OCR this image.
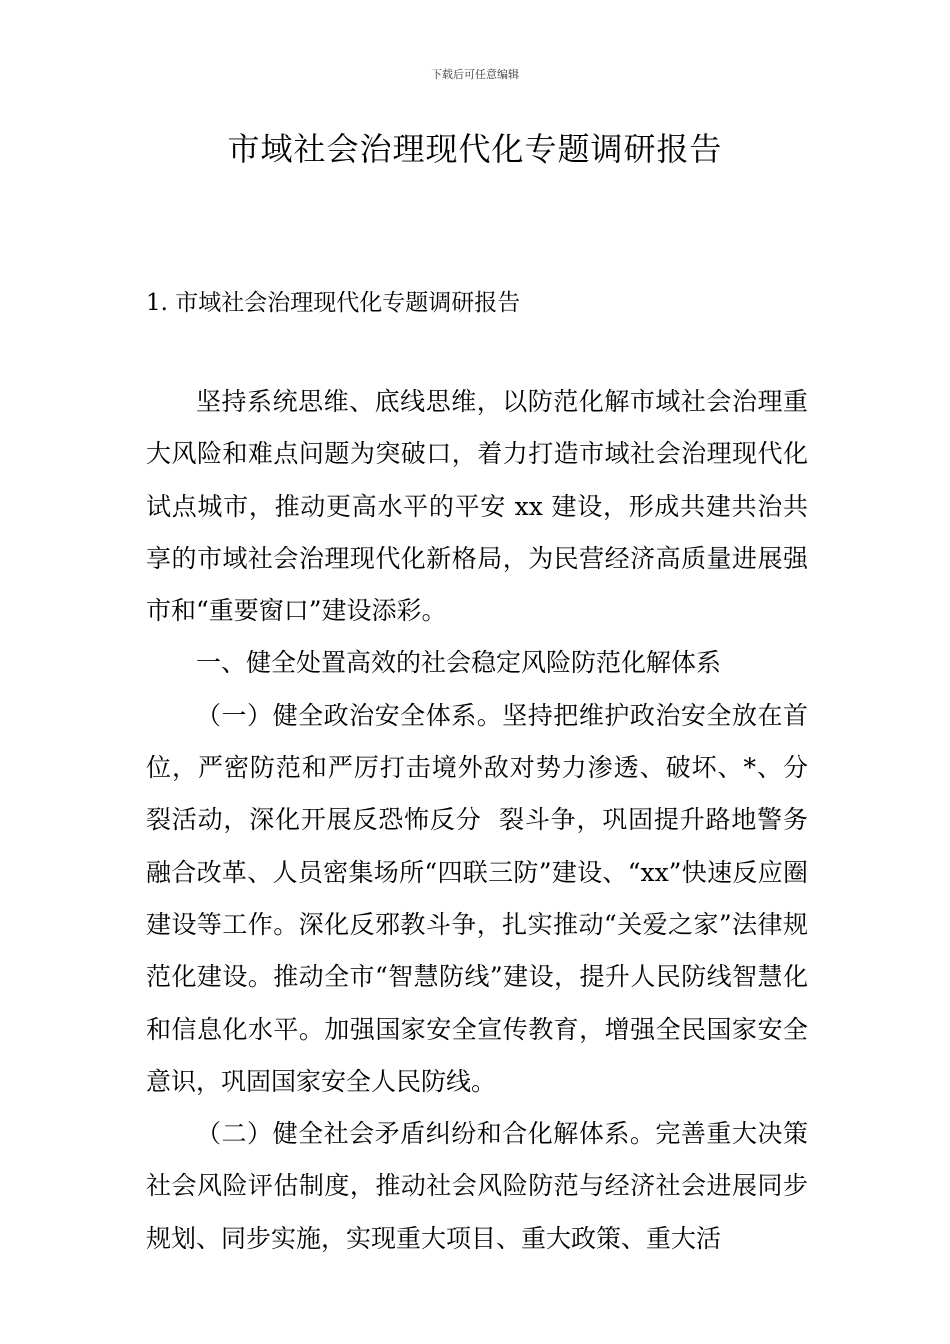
下载后可任意编辑
市域社会治理现代化专题调研报告
1. 市域社会治理现代化专题调研报告

坚持系统思维、底线思维，以防范化解市域社会治理重大风险和难点问题为突破口，着力打造市域社会治理现代化试点城市，推动更高水平的平安 xx 建设，形成共建共治共享的市域社会治理现代化新格局，为民营经济高质量进展强市和“重要窗口”建设添彩。

一、健全处置高效的社会稳定风险防范化解体系

（一）健全政治安全体系。坚持把维护政治安全放在首位，严密防范和严厉打击境外敌对势力渗透、破坏、*、分  裂活动，深化开展反恐怖反分  裂斗争，巩固提升路地警务融合改革、人员密集场所“四联三防”建设、“xx”快速反应圈建设等工作。深化反邪教斗争，扎实推动“关爱之家”法律规范化建设。推动全市“智慧防线”建设，提升人民防线智慧化和信息化水平。加强国家安全宣传教育，增强全民国家安全意识，巩固国家安全人民防线。

（二）健全社会矛盾纠纷和合化解体系。完善重大决策社会风险评估制度，推动社会风险防范与经济社会进展同步规划、同步实施，实现重大项目、重大政策、重大活
